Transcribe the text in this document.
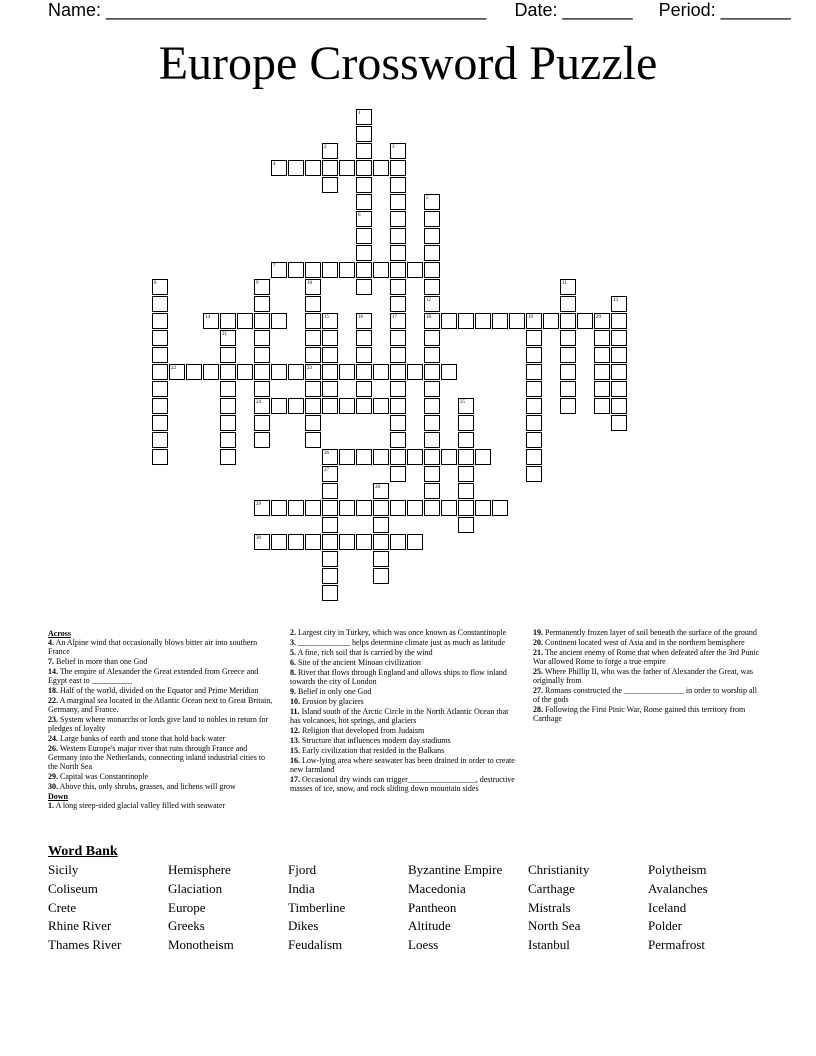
Name: ______________________________________ Date: _______ Period: _______
Europe Crossword Puzzle
4
7
14	18
22	23
24
26
29
30
1
2	3
5
6
8	9	10	11
12	13
15	16	17	19	20
21
25
27
28
Across
4. An Alpine wind that occasionally blows bitter air into southern France
7. Belief in more than one God
14. The empire of Alexander the Great extended from Greece and Egypt east to __________
18. Half of the world, divided on the Equator and Prime Meridian
22. A marginal sea located in the Atlantic Ocean next to Great Britain, Germany, and France.
23. System where monarchs or lords give land to nobles in return for pledges of loyalty
24. Large banks of earth and stone that hold back water
26. Western Europe's major river that runs through France and Germany into the Netherlands, connecting inland industrial cities to the North Sea
29. Capital was Constantinople
30. Above this, only shrubs, grasses, and lichens will grow
Down
1. A long steep-sided glacial valley filled with seawater
2. Largest city in Turkey, which was once known as Constantinople
3. _____________ helps determine climate just as much as latitude
5. A fine, rich soil that is carried by the wind
6. Site of the ancient Minoan civilization
8. River that flows through England and allows ships to flow inland towards the city of London
9. Belief in only one God
10. Erosion by glaciers
11. Island south of the Arctic Circle in the North Atlantic Ocean that has volcanoes, hot springs, and glaciers
12. Religion that developed from Judaism
13. Structure that influences modern day stadiums
15. Early civilization that resided in the Balkans
16. Low-lying area where seawater has been drained in order to create new farmland
17. Occasional dry winds can trigger_________________, destructive masses of ice, snow, and rock sliding down mountain sides
19. Permanently frozen layer of soil beneath the surface of the ground
20. Continent located west of Asia and in the northern hemisphere
21. The ancient enemy of Rome that when defeated after the 3rd Punic War allowed Rome to forge a true empire
25. Where Phillip II, who was the father of Alexander the Great, was originally from
27. Romans constructed the _______________ in order to worship all of the gods
28. Following the First Pinic War, Rome gained this territory from Carthage
Word Bank
Sicily	Hemisphere	Fjord	Byzantine Empire	Christianity	Polytheism
Coliseum	Glaciation	India	Macedonia	Carthage	Avalanches
Crete	Europe	Timberline	Pantheon	Mistrals	Iceland
Rhine River	Greeks	Dikes	Altitude	North Sea	Polder
Thames River	Monotheism	Feudalism	Loess	Istanbul	Permafrost
